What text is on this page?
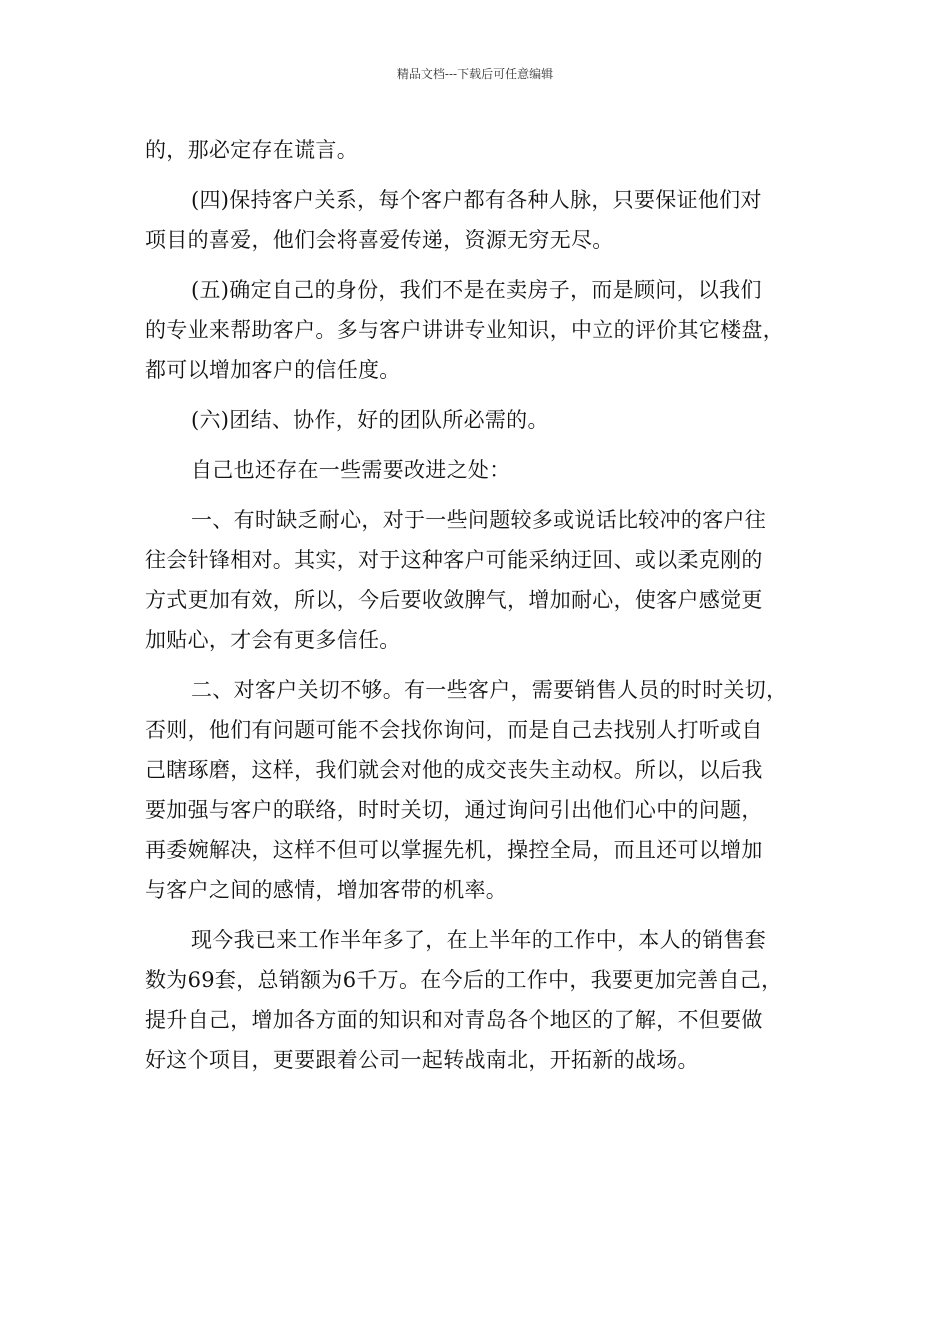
精品文档---下载后可任意编辑
的，那必定存在谎言。
(四)保持客户关系，每个客户都有各种人脉，只要保证他们对
项目的喜爱，他们会将喜爱传递，资源无穷无尽。
(五)确定自己的身份，我们不是在卖房子，而是顾问，以我们
的专业来帮助客户。多与客户讲讲专业知识，中立的评价其它楼盘，
都可以增加客户的信任度。
(六)团结、协作，好的团队所必需的。
自己也还存在一些需要改进之处：
一、有时缺乏耐心，对于一些问题较多或说话比较冲的客户往
往会针锋相对。其实，对于这种客户可能采纳迂回、或以柔克刚的
方式更加有效，所以，今后要收敛脾气，增加耐心，使客户感觉更
加贴心，才会有更多信任。
二、对客户关切不够。有一些客户，需要销售人员的时时关切，
否则，他们有问题可能不会找你询问，而是自己去找别人打听或自
己瞎琢磨，这样，我们就会对他的成交丧失主动权。所以，以后我
要加强与客户的联络，时时关切，通过询问引出他们心中的问题，
再委婉解决，这样不但可以掌握先机，操控全局，而且还可以增加
与客户之间的感情，增加客带的机率。
现今我已来工作半年多了，在上半年的工作中，本人的销售套
数为69套，总销额为6千万。在今后的工作中，我要更加完善自己，
提升自己，增加各方面的知识和对青岛各个地区的了解，不但要做
好这个项目，更要跟着公司一起转战南北，开拓新的战场。
